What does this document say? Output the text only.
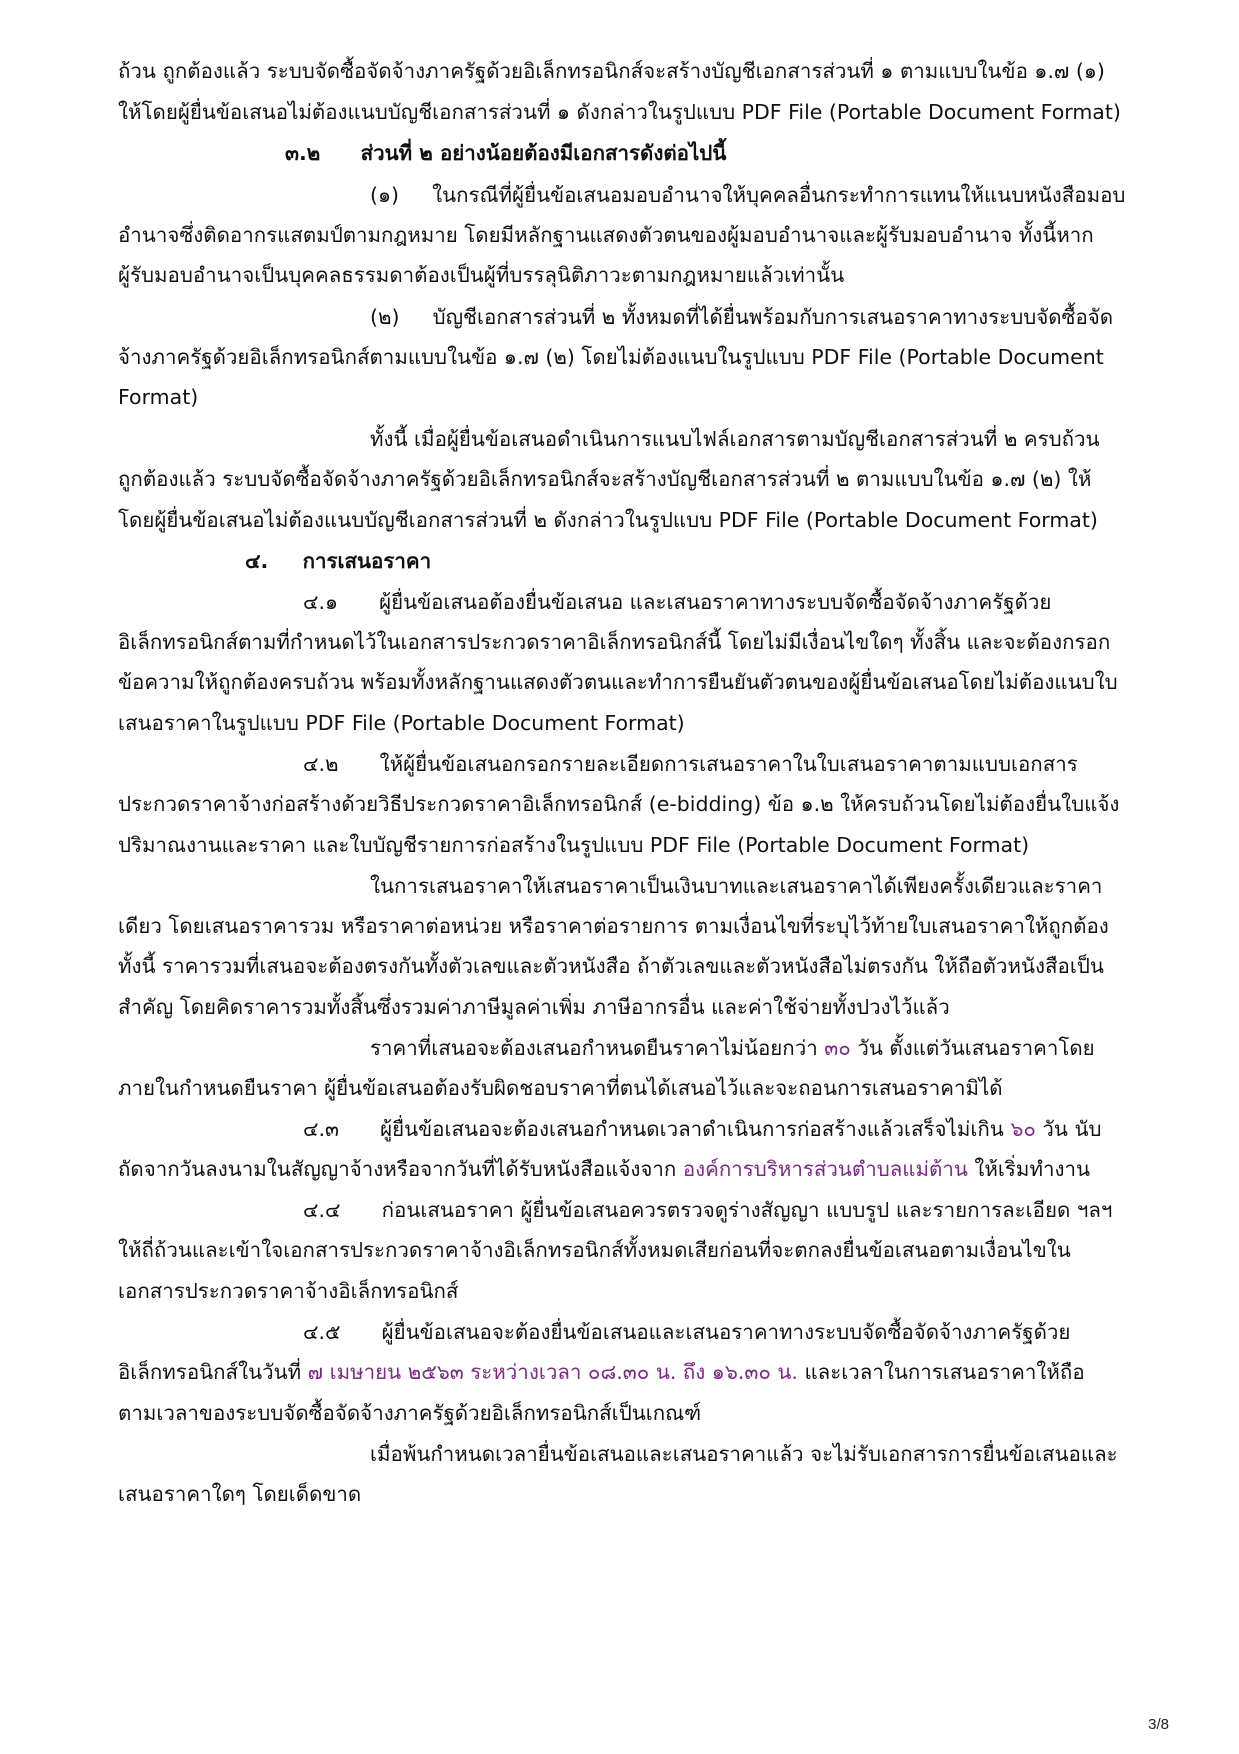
ถ้วน ถูกต้องแล้ว ระบบจัดซื้อจัดจ้างภาครัฐด้วยอิเล็กทรอนิกส์จะสร้างบัญชีเอกสารส่วนที่ ๑ ตามแบบในข้อ ๑.๗ (๑)
ให้โดยผู้ยื่นข้อเสนอไม่ต้องแนบบัญชีเอกสารส่วนที่ ๑ ดังกล่าวในรูปแบบ PDF File (Portable Document Format)
๓.๒ ส่วนที่ ๒ อย่างน้อยต้องมีเอกสารดังต่อไปนี้
(๑) ในกรณีที่ผู้ยื่นข้อเสนอมอบอำนาจให้บุคคลอื่นกระทำการแทนให้แนบหนังสือมอบ
อำนาจซึ่งติดอากรแสตมป์ตามกฎหมาย โดยมีหลักฐานแสดงตัวตนของผู้มอบอำนาจและผู้รับมอบอำนาจ ทั้งนี้หาก
ผู้รับมอบอำนาจเป็นบุคคลธรรมดาต้องเป็นผู้ที่บรรลุนิติภาวะตามกฎหมายแล้วเท่านั้น
(๒) บัญชีเอกสารส่วนที่ ๒ ทั้งหมดที่ได้ยื่นพร้อมกับการเสนอราคาทางระบบจัดซื้อจัด
จ้างภาครัฐด้วยอิเล็กทรอนิกส์ตามแบบในข้อ ๑.๗ (๒) โดยไม่ต้องแนบในรูปแบบ PDF File (Portable Document
Format)
ทั้งนี้ เมื่อผู้ยื่นข้อเสนอดำเนินการแนบไฟล์เอกสารตามบัญชีเอกสารส่วนที่ ๒ ครบถ้วน
ถูกต้องแล้ว ระบบจัดซื้อจัดจ้างภาครัฐด้วยอิเล็กทรอนิกส์จะสร้างบัญชีเอกสารส่วนที่ ๒ ตามแบบในข้อ ๑.๗ (๒) ให้
โดยผู้ยื่นข้อเสนอไม่ต้องแนบบัญชีเอกสารส่วนที่ ๒ ดังกล่าวในรูปแบบ PDF File (Portable Document Format)
๔. การเสนอราคา
๔.๑ ผู้ยื่นข้อเสนอต้องยื่นข้อเสนอ และเสนอราคาทางระบบจัดซื้อจัดจ้างภาครัฐด้วย
อิเล็กทรอนิกส์ตามที่กำหนดไว้ในเอกสารประกวดราคาอิเล็กทรอนิกส์นี้ โดยไม่มีเงื่อนไขใดๆ ทั้งสิ้น และจะต้องกรอก
ข้อความให้ถูกต้องครบถ้วน พร้อมทั้งหลักฐานแสดงตัวตนและทำการยืนยันตัวตนของผู้ยื่นข้อเสนอโดยไม่ต้องแนบใบ
เสนอราคาในรูปแบบ PDF File (Portable Document Format)
๔.๒ ให้ผู้ยื่นข้อเสนอกรอกรายละเอียดการเสนอราคาในใบเสนอราคาตามแบบเอกสาร
ประกวดราคาจ้างก่อสร้างด้วยวิธีประกวดราคาอิเล็กทรอนิกส์ (e-bidding) ข้อ ๑.๒ ให้ครบถ้วนโดยไม่ต้องยื่นใบแจ้ง
ปริมาณงานและราคา และใบบัญชีรายการก่อสร้างในรูปแบบ PDF File (Portable Document Format)
ในการเสนอราคาให้เสนอราคาเป็นเงินบาทและเสนอราคาได้เพียงครั้งเดียวและราคา
เดียว โดยเสนอราคารวม หรือราคาต่อหน่วย หรือราคาต่อรายการ ตามเงื่อนไขที่ระบุไว้ท้ายใบเสนอราคาให้ถูกต้อง
ทั้งนี้ ราคารวมที่เสนอจะต้องตรงกันทั้งตัวเลขและตัวหนังสือ ถ้าตัวเลขและตัวหนังสือไม่ตรงกัน ให้ถือตัวหนังสือเป็น
สำคัญ โดยคิดราคารวมทั้งสิ้นซึ่งรวมค่าภาษีมูลค่าเพิ่ม ภาษีอากรอื่น และค่าใช้จ่ายทั้งปวงไว้แล้ว
ราคาที่เสนอจะต้องเสนอกำหนดยืนราคาไม่น้อยกว่า ๓๐ วัน ตั้งแต่วันเสนอราคาโดย
ภายในกำหนดยืนราคา ผู้ยื่นข้อเสนอต้องรับผิดชอบราคาที่ตนได้เสนอไว้และจะถอนการเสนอราคามิได้
๔.๓ ผู้ยื่นข้อเสนอจะต้องเสนอกำหนดเวลาดำเนินการก่อสร้างแล้วเสร็จไม่เกิน ๖๐ วัน นับ
ถัดจากวันลงนามในสัญญาจ้างหรือจากวันที่ได้รับหนังสือแจ้งจาก องค์การบริหารส่วนตำบลแม่ต้าน ให้เริ่มทำงาน
๔.๔ ก่อนเสนอราคา ผู้ยื่นข้อเสนอควรตรวจดูร่างสัญญา แบบรูป และรายการละเอียด ฯลฯ
ให้ถี่ถ้วนและเข้าใจเอกสารประกวดราคาจ้างอิเล็กทรอนิกส์ทั้งหมดเสียก่อนที่จะตกลงยื่นข้อเสนอตามเงื่อนไขใน
เอกสารประกวดราคาจ้างอิเล็กทรอนิกส์
๔.๕ ผู้ยื่นข้อเสนอจะต้องยื่นข้อเสนอและเสนอราคาทางระบบจัดซื้อจัดจ้างภาครัฐด้วย
อิเล็กทรอนิกส์ในวันที่ ๗ เมษายน ๒๕๖๓ ระหว่างเวลา ๐๘.๓๐ น. ถึง ๑๖.๓๐ น. และเวลาในการเสนอราคาให้ถือ
ตามเวลาของระบบจัดซื้อจัดจ้างภาครัฐด้วยอิเล็กทรอนิกส์เป็นเกณฑ์
เมื่อพ้นกำหนดเวลายื่นข้อเสนอและเสนอราคาแล้ว จะไม่รับเอกสารการยื่นข้อเสนอและ
เสนอราคาใดๆ โดยเด็ดขาด
3/8
